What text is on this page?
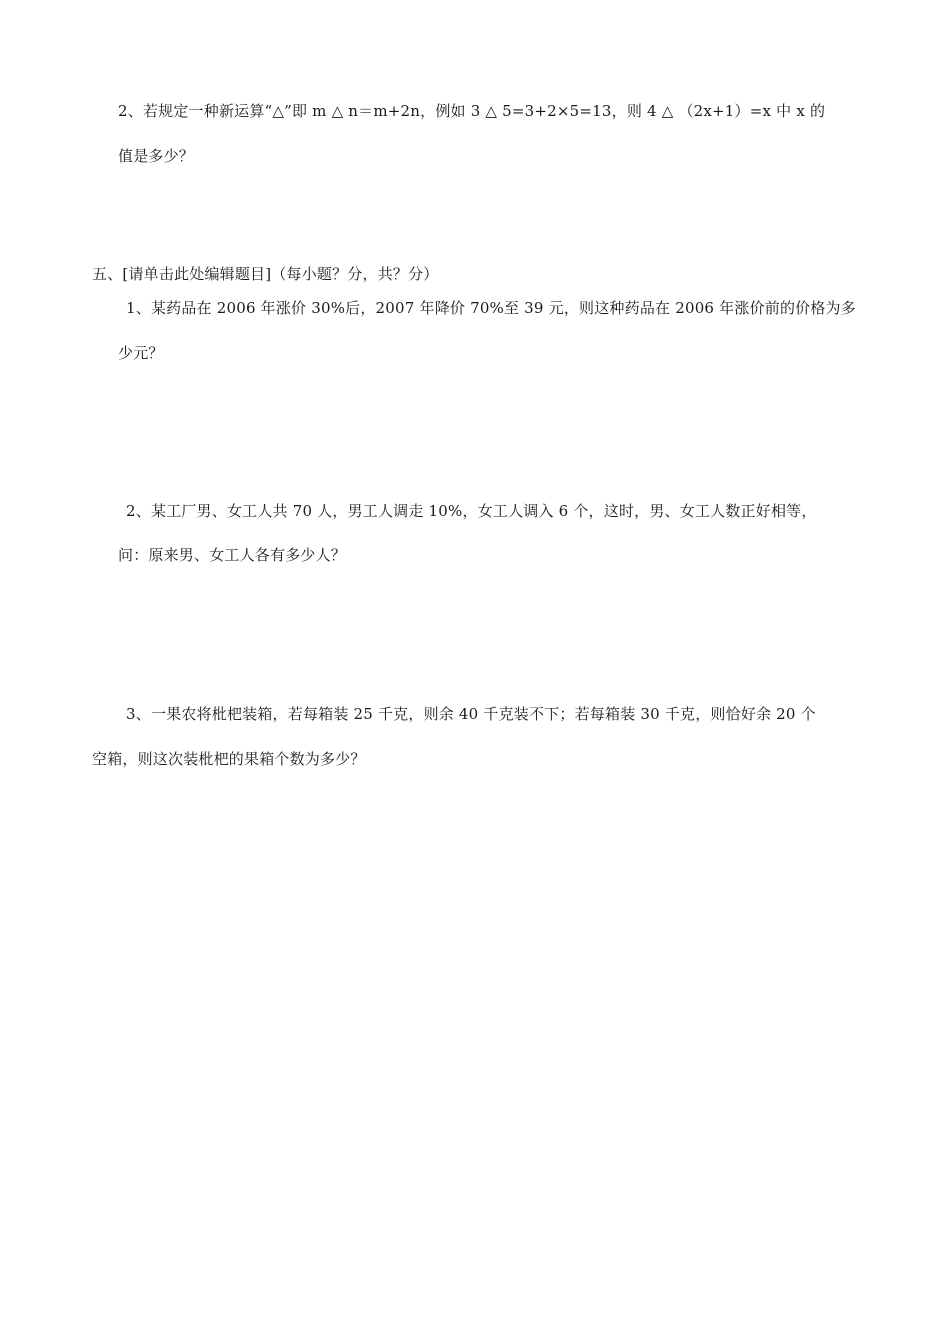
2、若规定一种新运算“△”即 m △ n＝m+2n，例如 3 △ 5=3+2×5=13，则 4 △ （2x+1）=x 中 x 的
值是多少？
五、[请单击此处编辑题目]（每小题？分，共？分）
1、某药品在 2006 年涨价 30%后，2007 年降价 70%至 39 元，则这种药品在 2006 年涨价前的价格为多
少元？
2、某工厂男、女工人共 70 人，男工人调走 10%，女工人调入 6 个，这时，男、女工人数正好相等，
问：原来男、女工人各有多少人？
3、一果农将枇杷装箱，若每箱装 25 千克，则余 40 千克装不下；若每箱装 30 千克，则恰好余 20 个
空箱，则这次装枇杷的果箱个数为多少？
